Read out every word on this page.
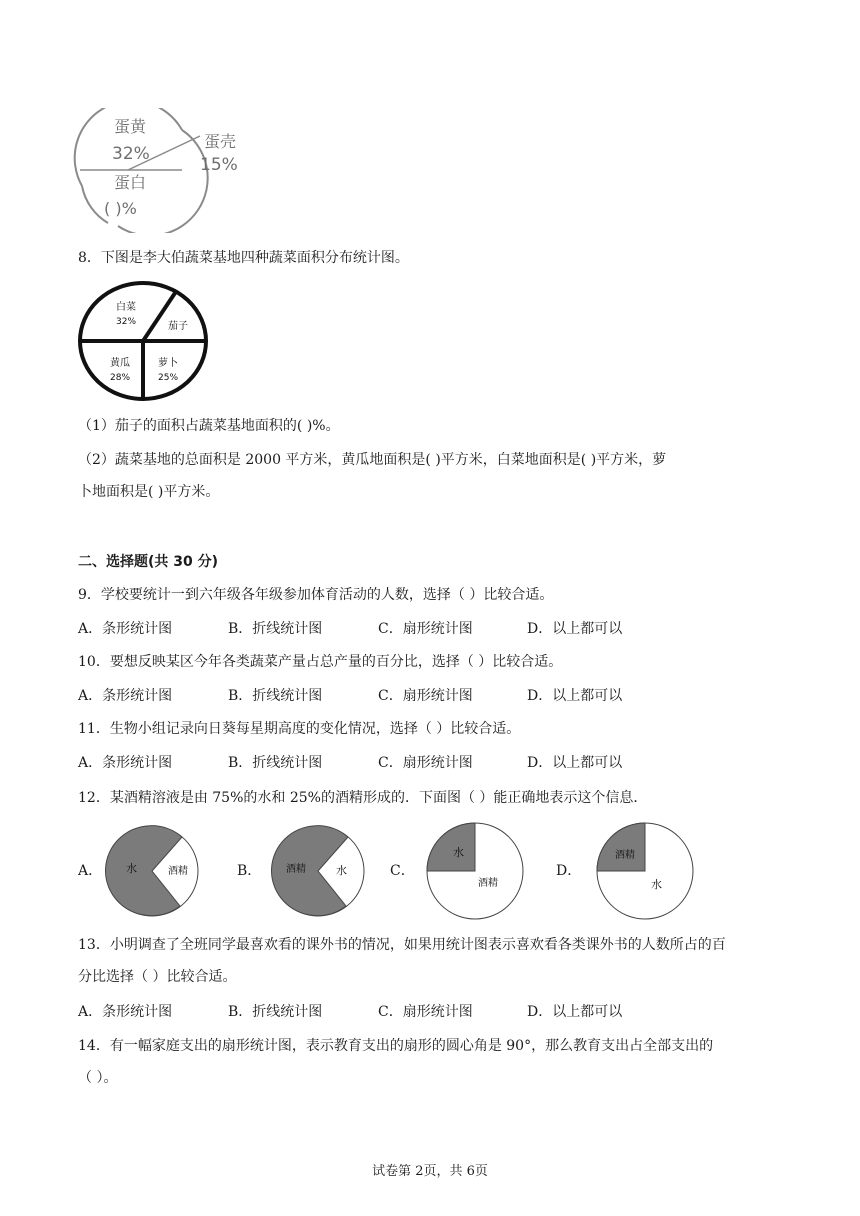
蛋黄
32%
蛋壳
15%
蛋白
( )%
8．下图是李大伯蔬菜基地四种蔬菜面积分布统计图。
白菜
32%	茄子
黄瓜
28%
萝卜
25%
（1）茄子的面积占蔬菜基地面积的( )%。
（2）蔬菜基地的总面积是 2000 平方米，黄瓜地面积是( )平方米，白菜地面积是( )平方米，萝
卜地面积是( )平方米。
二、选择题(共 30 分)
9．学校要统计一到六年级各年级参加体育活动的人数，选择（ ）比较合适。
A．条形统计图	B．折线统计图	C．扇形统计图	D．以上都可以
10．要想反映某区今年各类蔬菜产量占总产量的百分比，选择（ ）比较合适。
A．条形统计图	B．折线统计图	C．扇形统计图	D．以上都可以
11．生物小组记录向日葵每星期高度的变化情况，选择（ ）比较合适。
A．条形统计图	B．折线统计图	C．扇形统计图	D．以上都可以
12．某酒精溶液是由 75%的水和 25%的酒精形成的．下面图（ ）能正确地表示这个信息．
A． 水	酒精	B． 酒精	水	C．
水
酒精
D．
酒精
水
13．小明调查了全班同学最喜欢看的课外书的情况，如果用统计图表示喜欢看各类课外书的人数所占的百
分比选择（ ）比较合适。
A．条形统计图	B．折线统计图	C．扇形统计图	D．以上都可以
14．有一幅家庭支出的扇形统计图，表示教育支出的扇形的圆心角是 90°，那么教育支出占全部支出的
（ ）。
试卷第 2页，共 6页
